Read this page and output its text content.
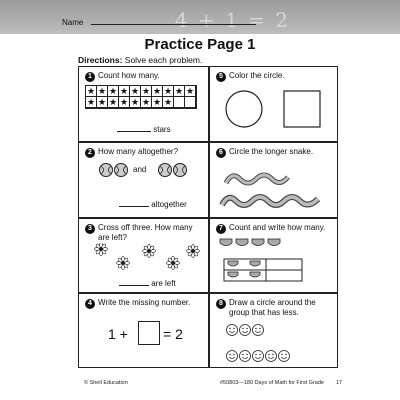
4 + 1 = 2
Name
Practice Page 1
Directions: Solve each problem.
1 Count how many.
★ ★ ★ ★ ★ ★ ★ ★ ★ ★
★ ★ ★ ★ ★ ★ ★ ★
stars
2 How many altogether?
and
altogether
3 Cross off three. How many are left?
are left
4 Write the missing number.
1 +	= 2
5 Color the circle.
6 Circle the longer snake.
7 Count and write how many.
8 Draw a circle around the group that has less.
© Shell Education	#50803—180 Days of Math for First Grade 17
